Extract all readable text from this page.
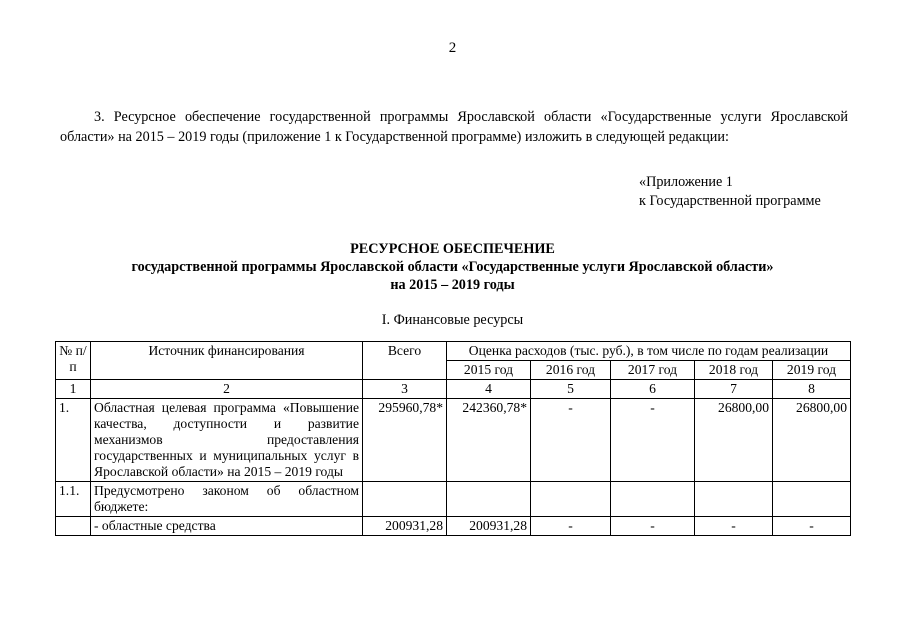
2

3. Ресурсное обеспечение государственной программы Ярославской области «Государственные услуги Ярославской области» на 2015 – 2019 годы (приложение 1 к Государственной программе) изложить в следующей редакции:

«Приложение 1
к Государственной программе
РЕСУРСНОЕ ОБЕСПЕЧЕНИЕ
государственной программы Ярославской области «Государственные услуги Ярославской области»
на 2015 – 2019 годы
I. Финансовые ресурсы
№ п/п	Источник финансирования	Всего	Оценка расходов (тыс. руб.), в том числе по годам реализации				
			2015 год	2016 год	2017 год	2018 год	2019 год
1	2	3	4	5	6	7	8
1.	Областная целевая программа «Повышение качества, доступности и развитие механизмов предоставления государственных и муниципальных услуг в Ярославской области» на 2015 – 2019 годы	295960,78*	242360,78*	-	-	26800,00	26800,00
1.1.	Предусмотрено законом об областном бюджете:						
	- областные средства	200931,28	200931,28	-	-	-	-
